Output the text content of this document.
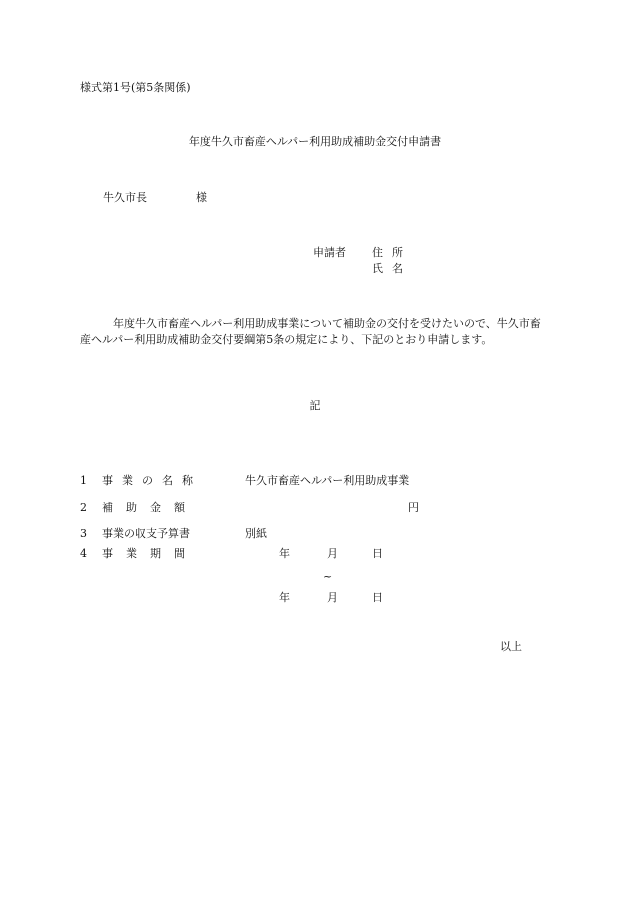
様式第1号(第5条関係)
年度牛久市畜産ヘルパー利用助成補助金交付申請書
牛久市長	様
申請者 住所
氏名
年度牛久市畜産ヘルパー利用助成事業について補助金の交付を受けたいので、牛久市畜産ヘルパー利用助成補助金交付要綱第5条の規定により、下記のとおり申請します。
記
1 事業の名称	牛久市畜産ヘルパー利用助成事業
2 補助金額	円
3 事業の収支予算書	別紙
4 事業期間	年	月	日
~
年	月	日
以上
